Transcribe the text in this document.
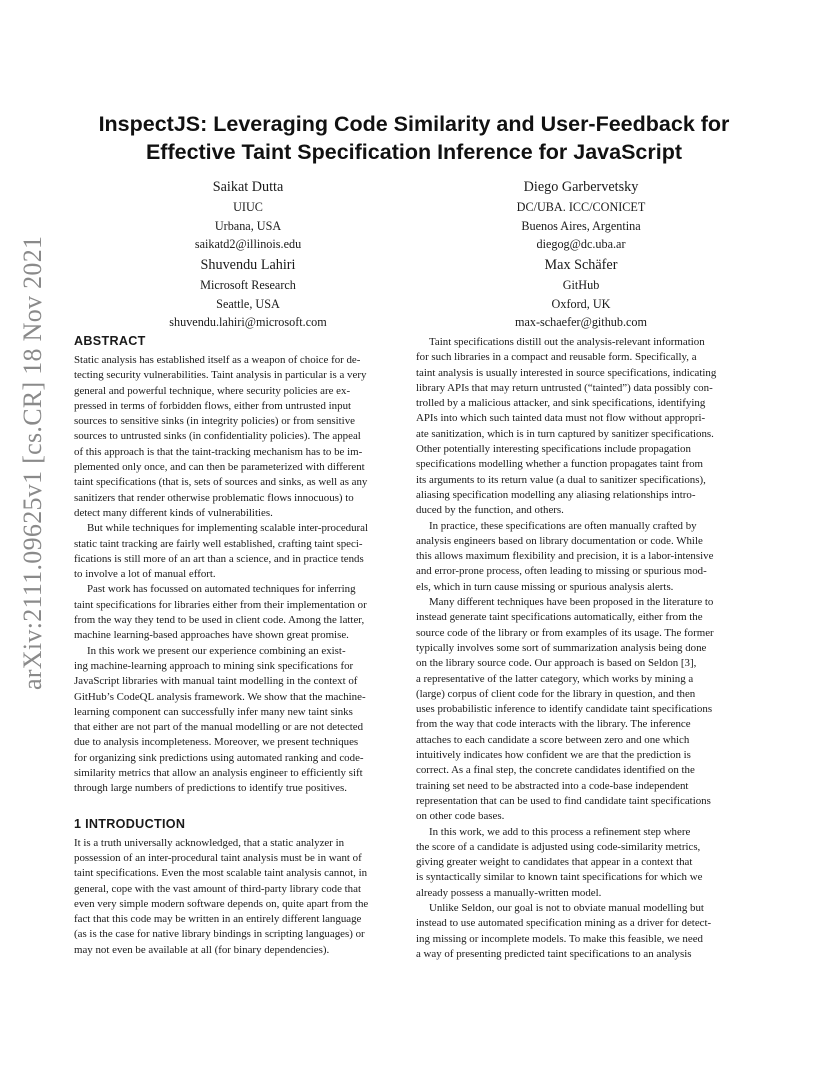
arXiv:2111.09625v1 [cs.CR] 18 Nov 2021
InspectJS: Leveraging Code Similarity and User-Feedback for
Effective Taint Specification Inference for JavaScript
Saikat Dutta
UIUC
Urbana, USA
saikatd2@illinois.edu
Diego Garbervetsky
DC/UBA. ICC/CONICET
Buenos Aires, Argentina
diegog@dc.uba.ar
Shuvendu Lahiri
Microsoft Research
Seattle, USA
shuvendu.lahiri@microsoft.com
Max Schäfer
GitHub
Oxford, UK
max-schaefer@github.com
ABSTRACT
Static analysis has established itself as a weapon of choice for de-
tecting security vulnerabilities. Taint analysis in particular is a very
general and powerful technique, where security policies are ex-
pressed in terms of forbidden flows, either from untrusted input
sources to sensitive sinks (in integrity policies) or from sensitive
sources to untrusted sinks (in confidentiality policies). The appeal
of this approach is that the taint-tracking mechanism has to be im-
plemented only once, and can then be parameterized with different
taint specifications (that is, sets of sources and sinks, as well as any
sanitizers that render otherwise problematic flows innocuous) to
detect many different kinds of vulnerabilities.
But while techniques for implementing scalable inter-procedural
static taint tracking are fairly well established, crafting taint speci-
fications is still more of an art than a science, and in practice tends
to involve a lot of manual effort.
Past work has focussed on automated techniques for inferring
taint specifications for libraries either from their implementation or
from the way they tend to be used in client code. Among the latter,
machine learning-based approaches have shown great promise.
In this work we present our experience combining an exist-
ing machine-learning approach to mining sink specifications for
JavaScript libraries with manual taint modelling in the context of
GitHub’s CodeQL analysis framework. We show that the machine-
learning component can successfully infer many new taint sinks
that either are not part of the manual modelling or are not detected
due to analysis incompleteness. Moreover, we present techniques
for organizing sink predictions using automated ranking and code-
similarity metrics that allow an analysis engineer to efficiently sift
through large numbers of predictions to identify true positives.
1 INTRODUCTION
It is a truth universally acknowledged, that a static analyzer in
possession of an inter-procedural taint analysis must be in want of
taint specifications. Even the most scalable taint analysis cannot, in
general, cope with the vast amount of third-party library code that
even very simple modern software depends on, quite apart from the
fact that this code may be written in an entirely different language
(as is the case for native library bindings in scripting languages) or
may not even be available at all (for binary dependencies).
Taint specifications distill out the analysis-relevant information
for such libraries in a compact and reusable form. Specifically, a
taint analysis is usually interested in source specifications, indicating
library APIs that may return untrusted (“tainted”) data possibly con-
trolled by a malicious attacker, and sink specifications, identifying
APIs into which such tainted data must not flow without appropri-
ate sanitization, which is in turn captured by sanitizer specifications.
Other potentially interesting specifications include propagation
specifications modelling whether a function propagates taint from
its arguments to its return value (a dual to sanitizer specifications),
aliasing specification modelling any aliasing relationships intro-
duced by the function, and others.
In practice, these specifications are often manually crafted by
analysis engineers based on library documentation or code. While
this allows maximum flexibility and precision, it is a labor-intensive
and error-prone process, often leading to missing or spurious mod-
els, which in turn cause missing or spurious analysis alerts.
Many different techniques have been proposed in the literature to
instead generate taint specifications automatically, either from the
source code of the library or from examples of its usage. The former
typically involves some sort of summarization analysis being done
on the library source code. Our approach is based on Seldon [3],
a representative of the latter category, which works by mining a
(large) corpus of client code for the library in question, and then
uses probabilistic inference to identify candidate taint specifications
from the way that code interacts with the library. The inference
attaches to each candidate a score between zero and one which
intuitively indicates how confident we are that the prediction is
correct. As a final step, the concrete candidates identified on the
training set need to be abstracted into a code-base independent
representation that can be used to find candidate taint specifications
on other code bases.
In this work, we add to this process a refinement step where
the score of a candidate is adjusted using code-similarity metrics,
giving greater weight to candidates that appear in a context that
is syntactically similar to known taint specifications for which we
already possess a manually-written model.
Unlike Seldon, our goal is not to obviate manual modelling but
instead to use automated specification mining as a driver for detect-
ing missing or incomplete models. To make this feasible, we need
a way of presenting predicted taint specifications to an analysis
